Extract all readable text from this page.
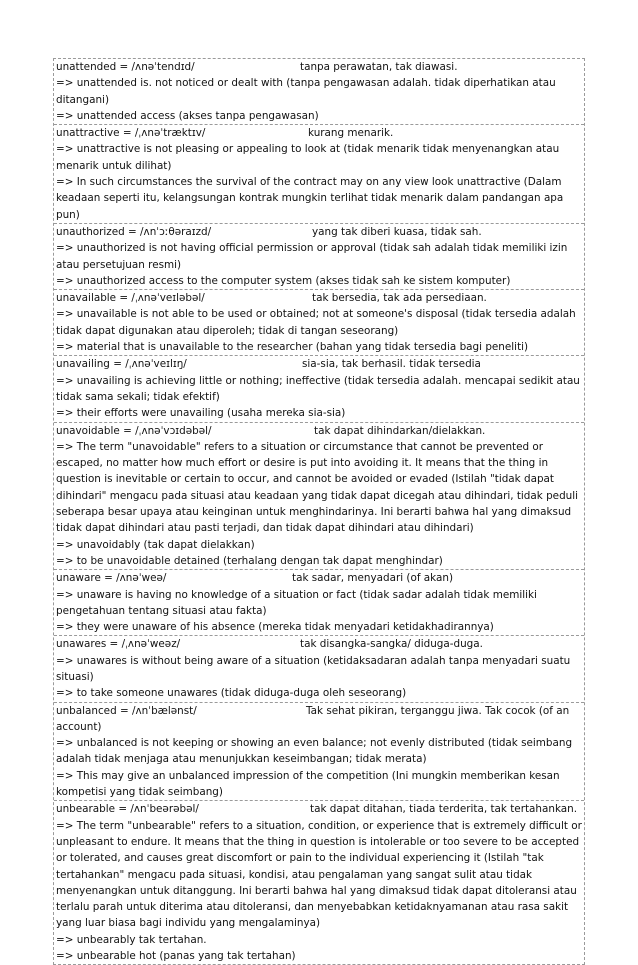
unattended = /ʌnəˈtendɪd/	tanpa perawatan, tak diawasi.
=> unattended is. not noticed or dealt with (tanpa pengawasan adalah. tidak diperhatikan atau ditangani)
=> unattended access (akses tanpa pengawasan)
unattractive = /ˌʌnəˈtræktɪv/	kurang menarik.
=> unattractive is not pleasing or appealing to look at (tidak menarik tidak menyenangkan atau menarik untuk dilihat)
=> In such circumstances the survival of the contract may on any view look unattractive (Dalam keadaan seperti itu, kelangsungan kontrak mungkin terlihat tidak menarik dalam pandangan apa pun)
unauthorized = /ʌnˈɔːθəraɪzd/	yang tak diberi kuasa, tidak sah.
=> unauthorized is not having official permission or approval (tidak sah adalah tidak memiliki izin atau persetujuan resmi)
=> unauthorized access to the computer system (akses tidak sah ke sistem komputer)
unavailable = /ˌʌnəˈveɪləbəl/	tak bersedia, tak ada persediaan.
=> unavailable is not able to be used or obtained; not at someone's disposal (tidak tersedia adalah tidak dapat digunakan atau diperoleh; tidak di tangan seseorang)
=> material that is unavailable to the researcher (bahan yang tidak tersedia bagi peneliti)
unavailing = /ˌʌnəˈveɪlɪŋ/	sia-sia, tak berhasil. tidak tersedia
=> unavailing is achieving little or nothing; ineffective (tidak tersedia adalah. mencapai sedikit atau tidak sama sekali; tidak efektif)
=> their efforts were unavailing (usaha mereka sia-sia)
unavoidable = /ˌʌnəˈvɔɪdəbəl/	tak dapat dihindarkan/dielakkan.
=> The term "unavoidable" refers to a situation or circumstance that cannot be prevented or escaped, no matter how much effort or desire is put into avoiding it. It means that the thing in question is inevitable or certain to occur, and cannot be avoided or evaded (Istilah "tidak dapat dihindari" mengacu pada situasi atau keadaan yang tidak dapat dicegah atau dihindari, tidak peduli seberapa besar upaya atau keinginan untuk menghindarinya. Ini berarti bahwa hal yang dimaksud tidak dapat dihindari atau pasti terjadi, dan tidak dapat dihindari atau dihindari)
=> unavoidably (tak dapat dielakkan)
=> to be unavoidable detained (terhalang dengan tak dapat menghindar)
unaware = /ʌnəˈweə/	tak sadar, menyadari (of akan)
=> unaware is having no knowledge of a situation or fact (tidak sadar adalah tidak memiliki pengetahuan tentang situasi atau fakta)
=> they were unaware of his absence (mereka tidak menyadari ketidakhadirannya)
unawares = /ˌʌnəˈweəz/	tak disangka-sangka/ diduga-duga.
=> unawares is without being aware of a situation (ketidaksadaran adalah tanpa menyadari suatu situasi)
=> to take someone unawares (tidak diduga-duga oleh seseorang)
unbalanced = /ʌnˈbælənst/	Tak sehat pikiran, terganggu jiwa. Tak cocok (of an
account)
=> unbalanced is not keeping or showing an even balance; not evenly distributed (tidak seimbang adalah tidak menjaga atau menunjukkan keseimbangan; tidak merata)
=> This may give an unbalanced impression of the competition (Ini mungkin memberikan kesan kompetisi yang tidak seimbang)
unbearable = /ʌnˈbeərəbəl/	tak dapat ditahan, tiada terderita, tak tertahankan.
=> The term "unbearable" refers to a situation, condition, or experience that is extremely difficult or unpleasant to endure. It means that the thing in question is intolerable or too severe to be accepted or tolerated, and causes great discomfort or pain to the individual experiencing it (Istilah "tak tertahankan" mengacu pada situasi, kondisi, atau pengalaman yang sangat sulit atau tidak menyenangkan untuk ditanggung. Ini berarti bahwa hal yang dimaksud tidak dapat ditoleransi atau terlalu parah untuk diterima atau ditoleransi, dan menyebabkan ketidaknyamanan atau rasa sakit yang luar biasa bagi individu yang mengalaminya)
=> unbearably tak tertahan.
=> unbearable hot (panas yang tak tertahan)
